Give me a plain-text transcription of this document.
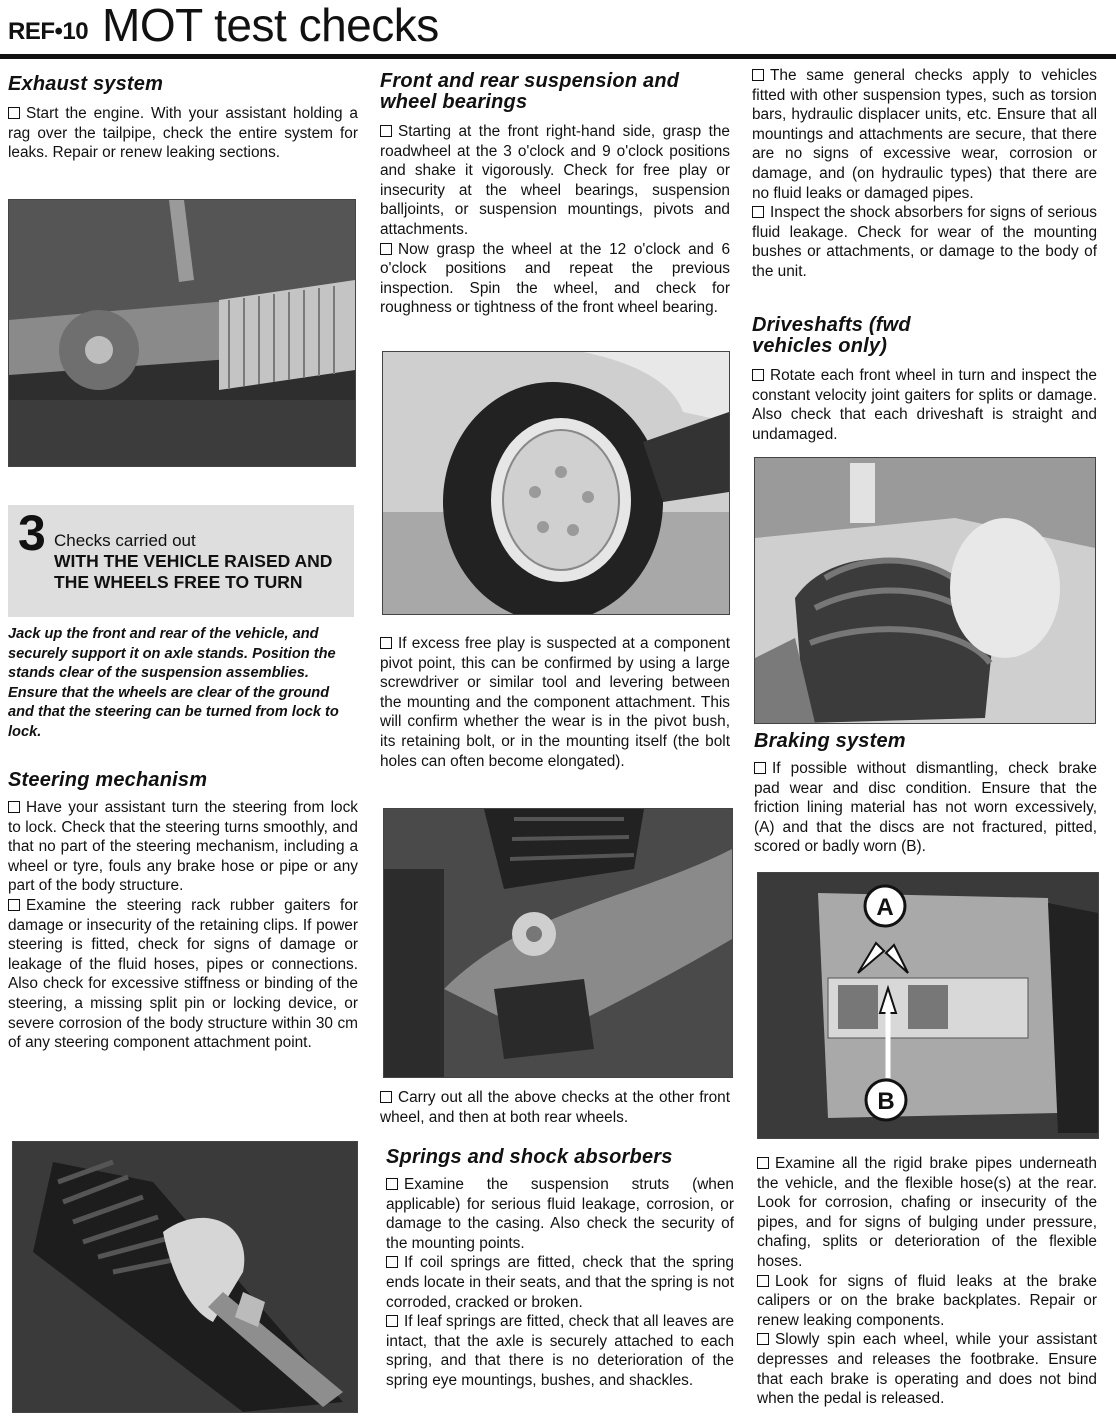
REF•10 MOT test checks
Exhaust system

Start the engine. With your assistant holding a rag over the tailpipe, check the entire system for leaks. Repair or renew leaking sections.

3 Checks carried out
WITH THE VEHICLE RAISED AND THE WHEELS FREE TO TURN
Jack up the front and rear of the vehicle, and securely support it on axle stands. Position the stands clear of the suspension assemblies. Ensure that the wheels are clear of the ground and that the steering can be turned from lock to lock.
Steering mechanism

Have your assistant turn the steering from lock to lock. Check that the steering turns smoothly, and that no part of the steering mechanism, including a wheel or tyre, fouls any brake hose or pipe or any part of the body structure.

Examine the steering rack rubber gaiters for damage or insecurity of the retaining clips. If power steering is fitted, check for signs of damage or leakage of the fluid hoses, pipes or connections. Also check for excessive stiffness or binding of the steering, a missing split pin or locking device, or severe corrosion of the body structure within 30 cm of any steering component attachment point.

Front and rear suspension and wheel bearings

Starting at the front right-hand side, grasp the roadwheel at the 3 o'clock and 9 o'clock positions and shake it vigorously. Check for free play or insecurity at the wheel bearings, suspension balljoints, or suspension mountings, pivots and attachments.

Now grasp the wheel at the 12 o'clock and 6 o'clock positions and repeat the previous inspection. Spin the wheel, and check for roughness or tightness of the front wheel bearing.

If excess free play is suspected at a component pivot point, this can be confirmed by using a large screwdriver or similar tool and levering between the mounting and the component attachment. This will confirm whether the wear is in the pivot bush, its retaining bolt, or in the mounting itself (the bolt holes can often become elongated).

Carry out all the above checks at the other front wheel, and then at both rear wheels.

Springs and shock absorbers

Examine the suspension struts (when applicable) for serious fluid leakage, corrosion, or damage to the casing. Also check the security of the mounting points.

If coil springs are fitted, check that the spring ends locate in their seats, and that the spring is not corroded, cracked or broken.

If leaf springs are fitted, check that all leaves are intact, that the axle is securely attached to each spring, and that there is no deterioration of the spring eye mountings, bushes, and shackles.

The same general checks apply to vehicles fitted with other suspension types, such as torsion bars, hydraulic displacer units, etc. Ensure that all mountings and attachments are secure, that there are no signs of excessive wear, corrosion or damage, and (on hydraulic types) that there are no fluid leaks or damaged pipes.

Inspect the shock absorbers for signs of serious fluid leakage. Check for wear of the mounting bushes or attachments, or damage to the body of the unit.

Driveshafts (fwd vehicles only)

Rotate each front wheel in turn and inspect the constant velocity joint gaiters for splits or damage. Also check that each driveshaft is straight and undamaged.

Braking system

If possible without dismantling, check brake pad wear and disc condition. Ensure that the friction lining material has not worn excessively, (A) and that the discs are not fractured, pitted, scored or badly worn (B).

A
B

Examine all the rigid brake pipes underneath the vehicle, and the flexible hose(s) at the rear. Look for corrosion, chafing or insecurity of the pipes, and for signs of bulging under pressure, chafing, splits or deterioration of the flexible hoses.

Look for signs of fluid leaks at the brake calipers or on the brake backplates. Repair or renew leaking components.

Slowly spin each wheel, while your assistant depresses and releases the footbrake. Ensure that each brake is operating and does not bind when the pedal is released.
